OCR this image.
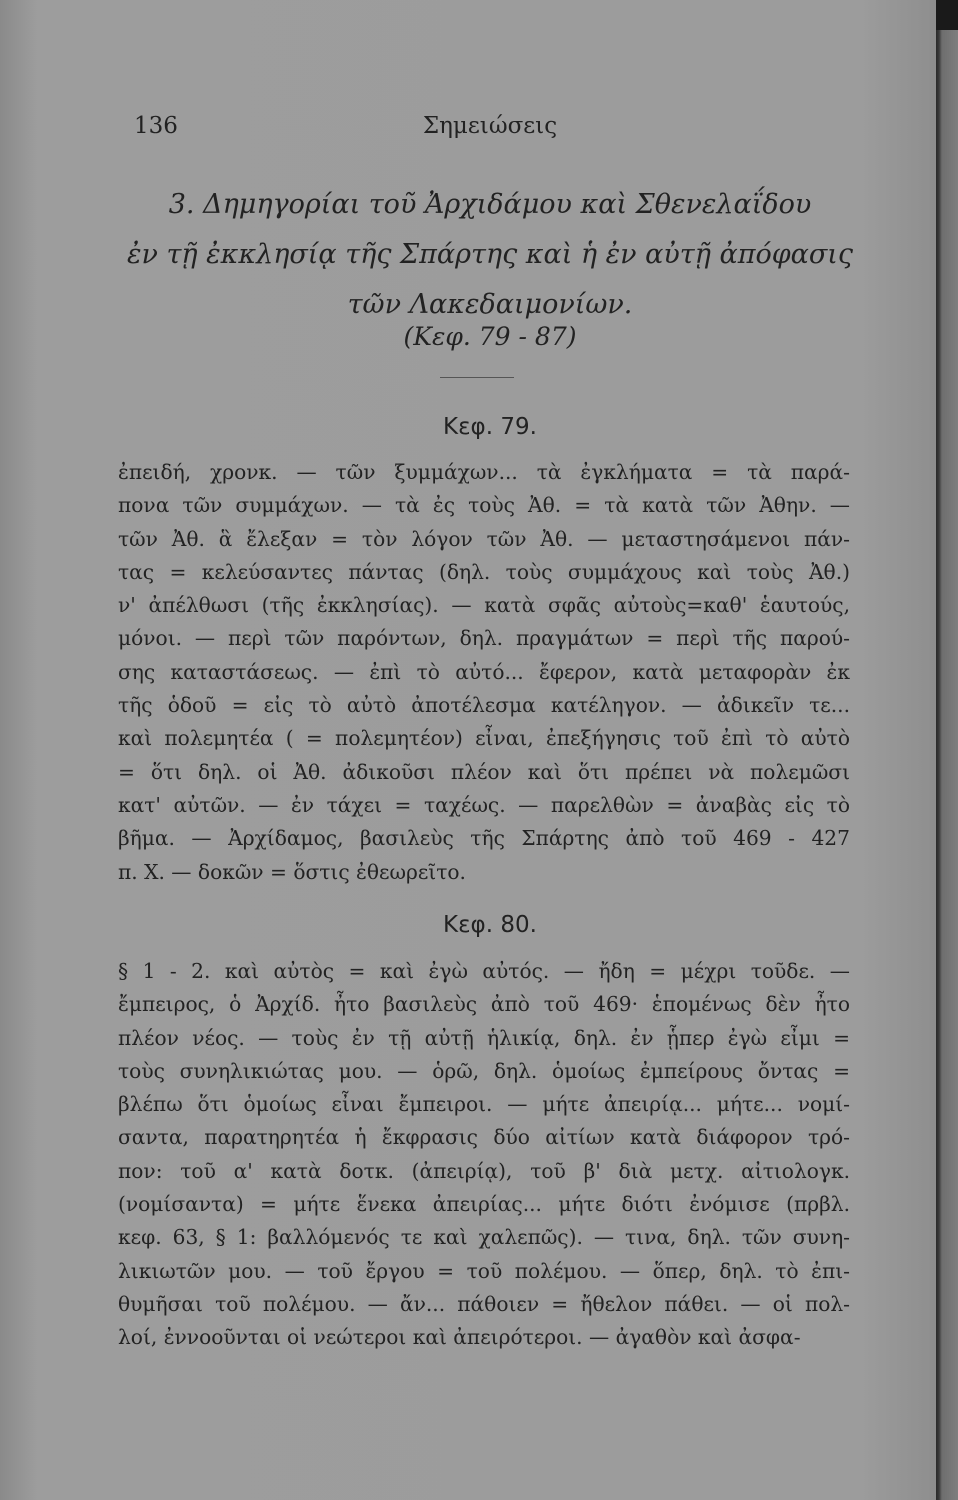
136	Σημειώσεις
3. Δημηγορίαι τοῦ Ἀρχιδάμου καὶ Σθενελαΐδου
ἐν τῇ ἐκκλησίᾳ τῆς Σπάρτης καὶ ἡ ἐν αὐτῇ ἀπόφασις
τῶν Λακεδαιμονίων.
(Κεφ. 79 - 87)
Κεφ. 79.
ἐπειδή, χρονκ. — τῶν ξυμμάχων... τὰ ἐγκλήματα = τὰ παρά-
πονα τῶν συμμάχων. — τὰ ἐς τοὺς Ἀθ. = τὰ κατὰ τῶν Ἀθην. —
τῶν Ἀθ. ἃ ἔλεξαν = τὸν λόγον τῶν Ἀθ. — μεταστησάμενοι πάν-
τας = κελεύσαντες πάντας (δηλ. τοὺς συμμάχους καὶ τοὺς Ἀθ.)
ν' ἀπέλθωσι (τῆς ἐκκλησίας). — κατὰ σφᾶς αὐτοὺς=καθ' ἑαυτούς,
μόνοι. — περὶ τῶν παρόντων, δηλ. πραγμάτων = περὶ τῆς παρού-
σης καταστάσεως. — ἐπὶ τὸ αὐτό... ἔφερον, κατὰ μεταφορὰν ἐκ
τῆς ὁδοῦ = εἰς τὸ αὐτὸ ἀποτέλεσμα κατέληγον. — ἀδικεῖν τε...
καὶ πολεμητέα ( = πολεμητέον) εἶναι, ἐπεξήγησις τοῦ ἐπὶ τὸ αὐτὸ
= ὅτι δηλ. οἱ Ἀθ. ἀδικοῦσι πλέον καὶ ὅτι πρέπει νὰ πολεμῶσι
κατ' αὐτῶν. — ἐν τάχει = ταχέως. — παρελθὼν = ἀναβὰς εἰς τὸ
βῆμα. — Ἀρχίδαμος, βασιλεὺς τῆς Σπάρτης ἀπὸ τοῦ 469 - 427
π. Χ. — δοκῶν = ὅστις ἐθεωρεῖτο.
Κεφ. 80.
§ 1 - 2. καὶ αὐτὸς = καὶ ἐγὼ αὐτός. — ἤδη = μέχρι τοῦδε. —
ἔμπειρος, ὁ Ἀρχίδ. ἦτο βασιλεὺς ἀπὸ τοῦ 469· ἑπομένως δὲν ἦτο
πλέον νέος. — τοὺς ἐν τῇ αὐτῇ ἡλικίᾳ, δηλ. ἐν ᾗπερ ἐγὼ εἶμι =
τοὺς συνηλικιώτας μου. — ὁρῶ, δηλ. ὁμοίως ἐμπείρους ὄντας =
βλέπω ὅτι ὁμοίως εἶναι ἔμπειροι. — μήτε ἀπειρίᾳ... μήτε... νομί-
σαντα, παρατηρητέα ἡ ἔκφρασις δύο αἰτίων κατὰ διάφορον τρό-
πον: τοῦ α' κατὰ δοτκ. (ἀπειρίᾳ), τοῦ β' διὰ μετχ. αἰτιολογκ.
(νομίσαντα) = μήτε ἕνεκα ἀπειρίας... μήτε διότι ἐνόμισε (πρβλ.
κεφ. 63, § 1: βαλλόμενός τε καὶ χαλεπῶς). — τινα, δηλ. τῶν συνη-
λικιωτῶν μου. — τοῦ ἔργου = τοῦ πολέμου. — ὅπερ, δηλ. τὸ ἐπι-
θυμῆσαι τοῦ πολέμου. — ἄν... πάθοιεν = ἤθελον πάθει. — οἱ πολ-
λοί, ἐννοοῦνται οἱ νεώτεροι καὶ ἀπειρότεροι. — ἀγαθὸν καὶ ἀσφα-
